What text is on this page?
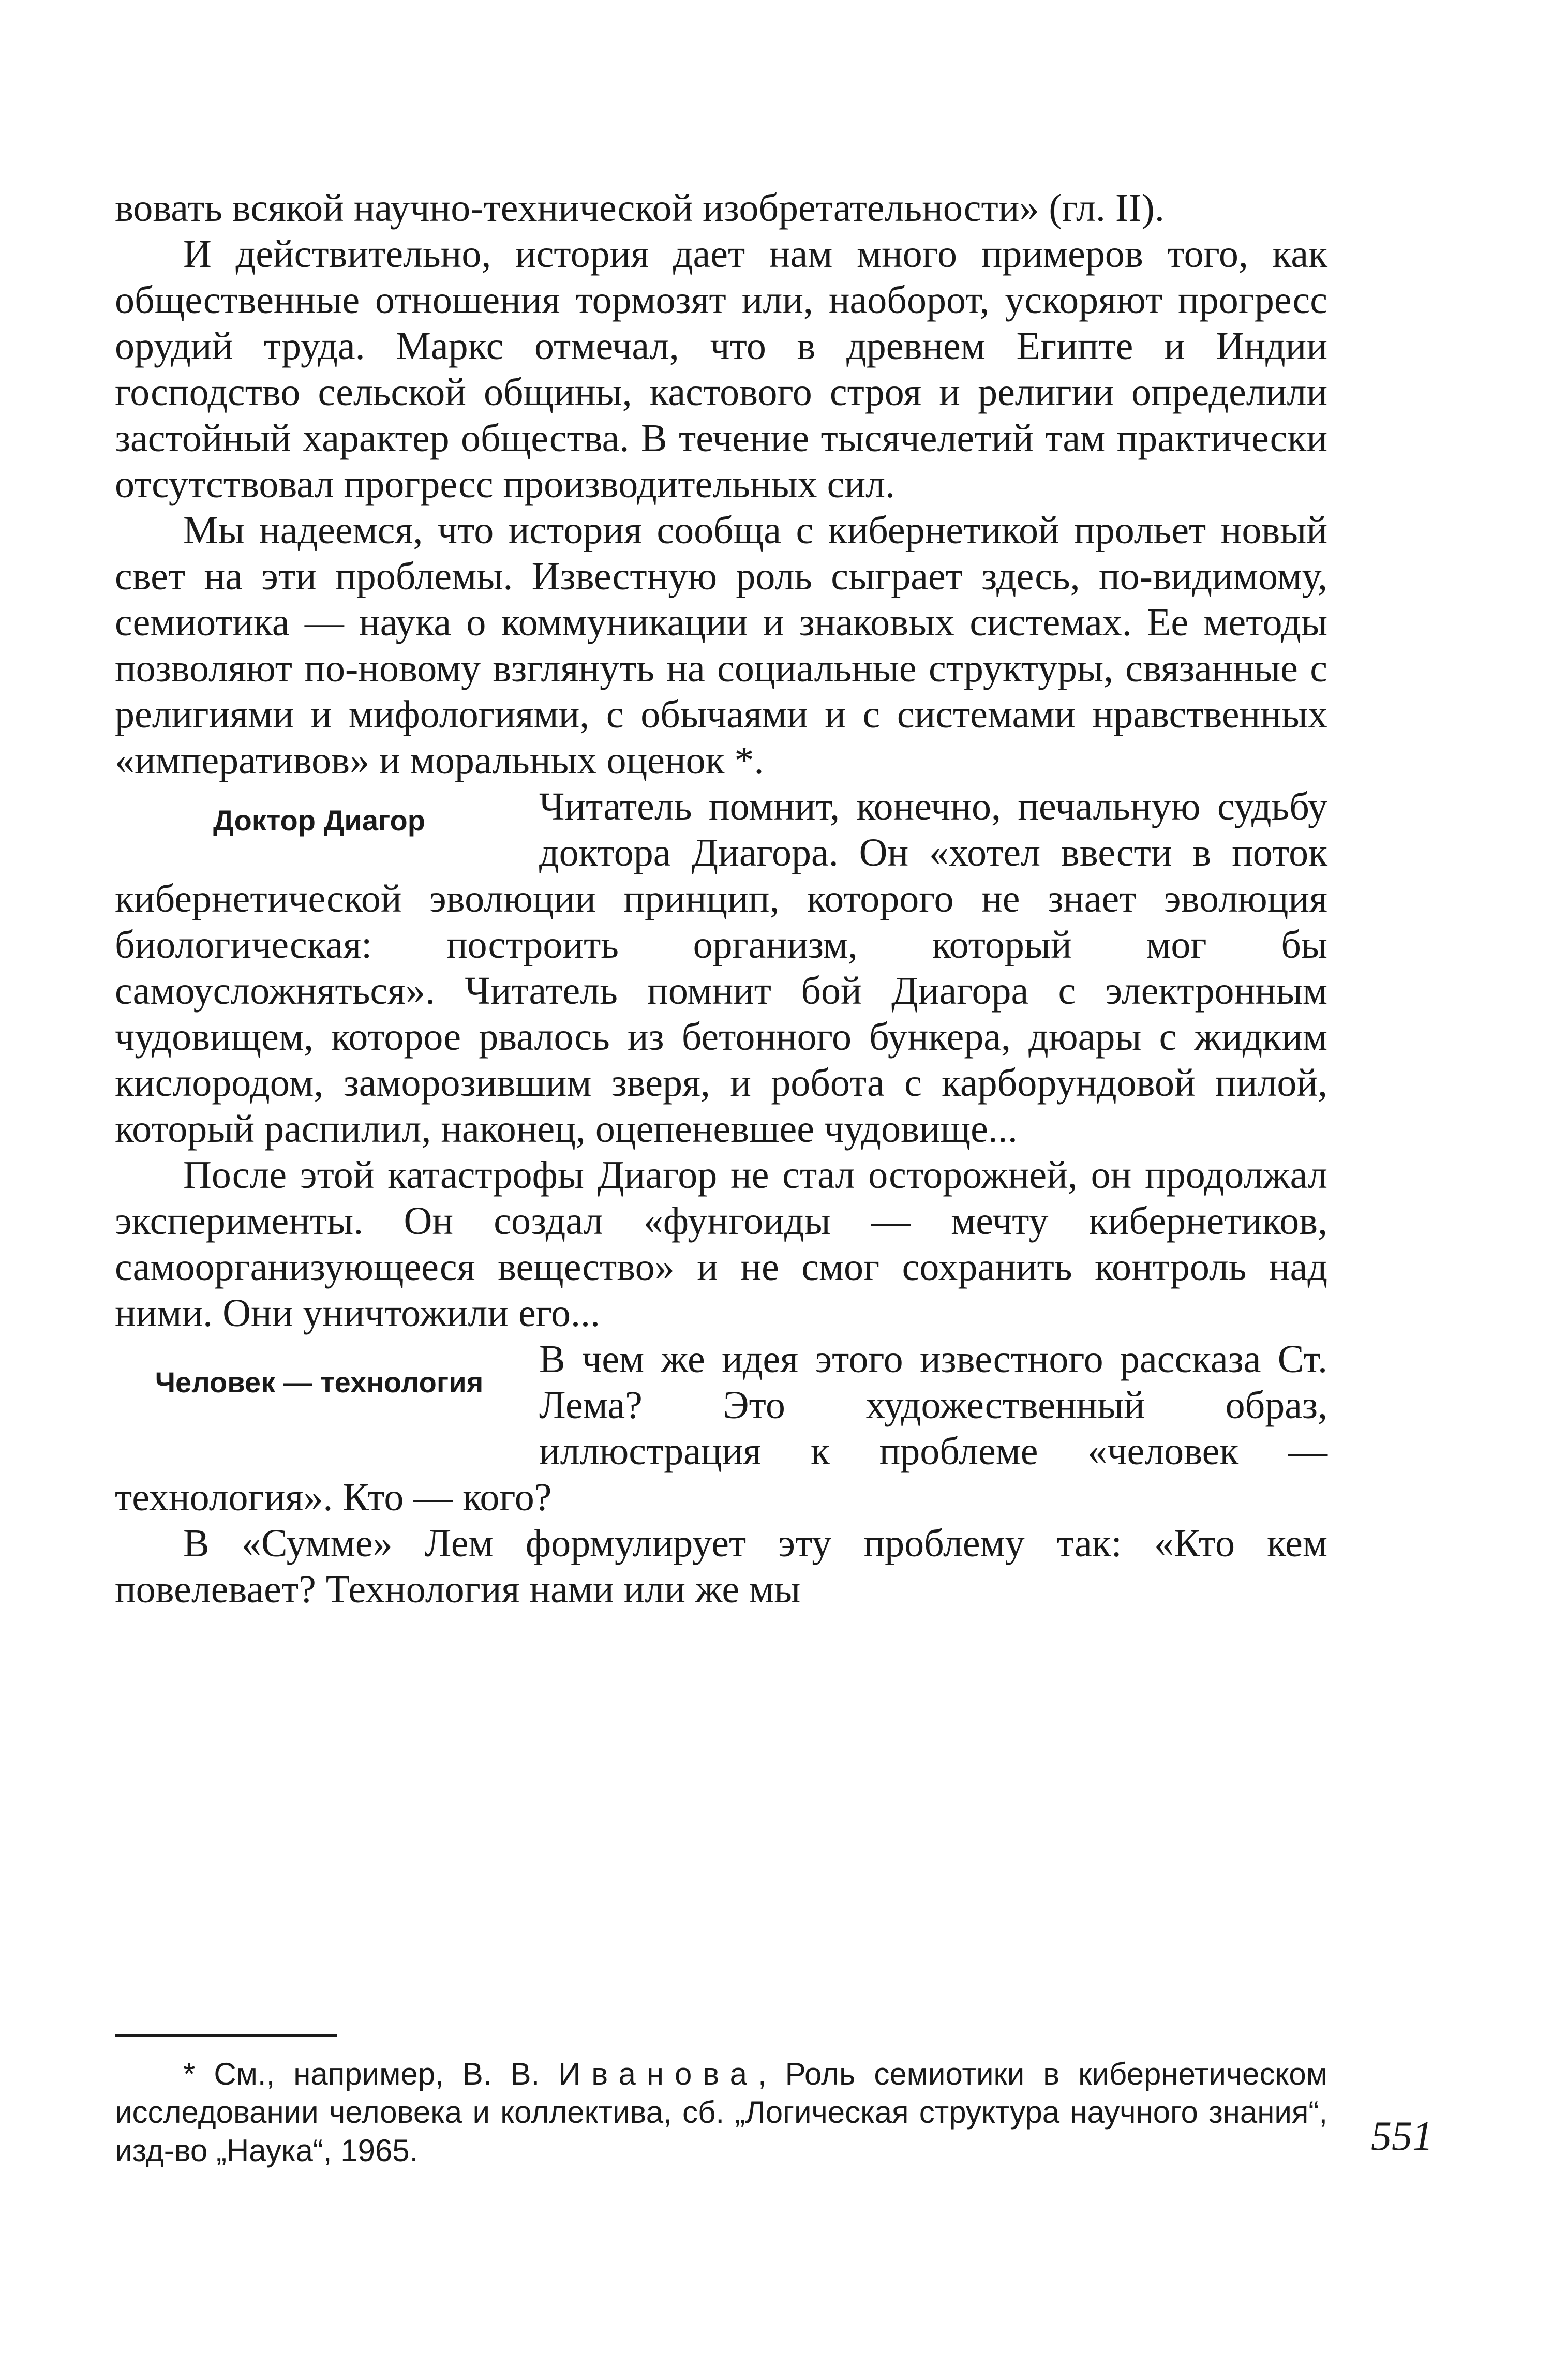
вовать всякой научно-технической изобретательности» (гл. II).

И действительно, история дает нам много примеров того, как общественные отношения тормозят или, наоборот, ускоряют прогресс орудий труда. Маркс отмечал, что в древнем Египте и Индии господство сельской общины, кастового строя и религии определили застойный характер общества. В течение тысячелетий там практически отсутствовал прогресс производительных сил.

Мы надеемся, что история сообща с кибернетикой прольет новый свет на эти проблемы. Известную роль сыграет здесь, по-видимому, семиотика — наука о коммуникации и знаковых системах. Ее методы позволяют по-новому взглянуть на социальные структуры, связанные с религиями и мифологиями, с обычаями и с системами нравственных «императивов» и моральных оценок *.

Доктор Диагор	Читатель помнит, конечно, печальную судьбу доктора Диагора. Он «хотел ввести в поток кибернетической эволюции принцип, которого не знает эволюция биологическая: построить организм, который мог бы самоусложняться». Читатель помнит бой Диагора с электронным чудовищем, которое рвалось из бетонного бункера, дюары с жидким кислородом, заморозившим зверя, и робота с карборундовой пилой, который распилил, наконец, оцепеневшее чудовище...

После этой катастрофы Диагор не стал осторожней, он продолжал эксперименты. Он создал «фунгоиды — мечту кибернетиков, самоорганизующееся вещество» и не смог сохранить контроль над ними. Они уничтожили его...

Человек — технология

В чем же идея этого известного рассказа Ст. Лема? Это художественный образ, иллюстрация к проблеме «человек — технология». Кто — кого?

В «Сумме» Лем формулирует эту проблему так: «Кто кем повелевает? Технология нами или же мы

* См., например, В. В. Иванова, Роль семиотики в кибернетическом исследовании человека и коллектива, сб. „Логическая структура научного знания“, изд-во „Наука“, 1965.	551
